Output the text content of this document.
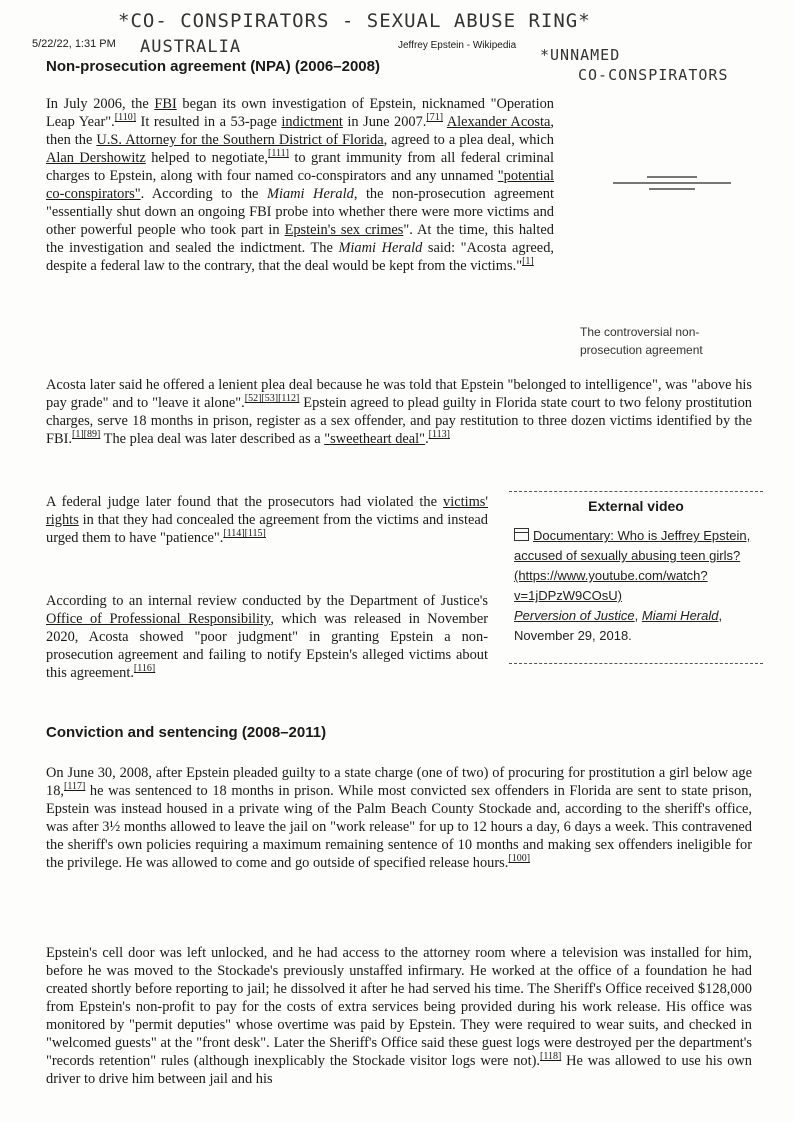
5/22/22, 1:31 PM	Jeffrey Epstein - Wikipedia
*CO- CONSPIRATORS - SEXUAL ABUSE RING*
AUSTRALIA	*UNNAMED
CO-CONSPIRATORS
Non-prosecution agreement (NPA) (2006–2008)

In July 2006, the FBI began its own investigation of Epstein, nicknamed "Operation Leap Year".[110] It resulted in a 53-page indictment in June 2007.[71] Alexander Acosta, then the U.S. Attorney for the Southern District of Florida, agreed to a plea deal, which Alan Dershowitz helped to negotiate,[111] to grant immunity from all federal criminal charges to Epstein, along with four named co-conspirators and any unnamed "potential co-conspirators". According to the Miami Herald, the non-prosecution agreement "essentially shut down an ongoing FBI probe into whether there were more victims and other powerful people who took part in Epstein's sex crimes". At the time, this halted the investigation and sealed the indictment. The Miami Herald said: "Acosta agreed, despite a federal law to the contrary, that the deal would be kept from the victims."[1]

The controversial non-prosecution agreement

Acosta later said he offered a lenient plea deal because he was told that Epstein "belonged to intelligence", was "above his pay grade" and to "leave it alone".[52][53][112] Epstein agreed to plead guilty in Florida state court to two felony prostitution charges, serve 18 months in prison, register as a sex offender, and pay restitution to three dozen victims identified by the FBI.[1][89] The plea deal was later described as a "sweetheart deal".[113]

A federal judge later found that the prosecutors had violated the victims' rights in that they had concealed the agreement from the victims and instead urged them to have "patience".[114][115]

According to an internal review conducted by the Department of Justice's Office of Professional Responsibility, which was released in November 2020, Acosta showed "poor judgment" in granting Epstein a non-prosecution agreement and failing to notify Epstein's alleged victims about this agreement.[116]

External video
Documentary: Who is Jeffrey Epstein, accused of sexually abusing teen girls? (https://www.youtube.com/watch?v=1jDPzW9COsU)
Perversion of Justice, Miami Herald, November 29, 2018.
Conviction and sentencing (2008–2011)

On June 30, 2008, after Epstein pleaded guilty to a state charge (one of two) of procuring for prostitution a girl below age 18,[117] he was sentenced to 18 months in prison. While most convicted sex offenders in Florida are sent to state prison, Epstein was instead housed in a private wing of the Palm Beach County Stockade and, according to the sheriff's office, was after 3½ months allowed to leave the jail on "work release" for up to 12 hours a day, 6 days a week. This contravened the sheriff's own policies requiring a maximum remaining sentence of 10 months and making sex offenders ineligible for the privilege. He was allowed to come and go outside of specified release hours.[100]

Epstein's cell door was left unlocked, and he had access to the attorney room where a television was installed for him, before he was moved to the Stockade's previously unstaffed infirmary. He worked at the office of a foundation he had created shortly before reporting to jail; he dissolved it after he had served his time. The Sheriff's Office received $128,000 from Epstein's non-profit to pay for the costs of extra services being provided during his work release. His office was monitored by "permit deputies" whose overtime was paid by Epstein. They were required to wear suits, and checked in "welcomed guests" at the "front desk". Later the Sheriff's Office said these guest logs were destroyed per the department's "records retention" rules (although inexplicably the Stockade visitor logs were not).[118] He was allowed to use his own driver to drive him between jail and his
